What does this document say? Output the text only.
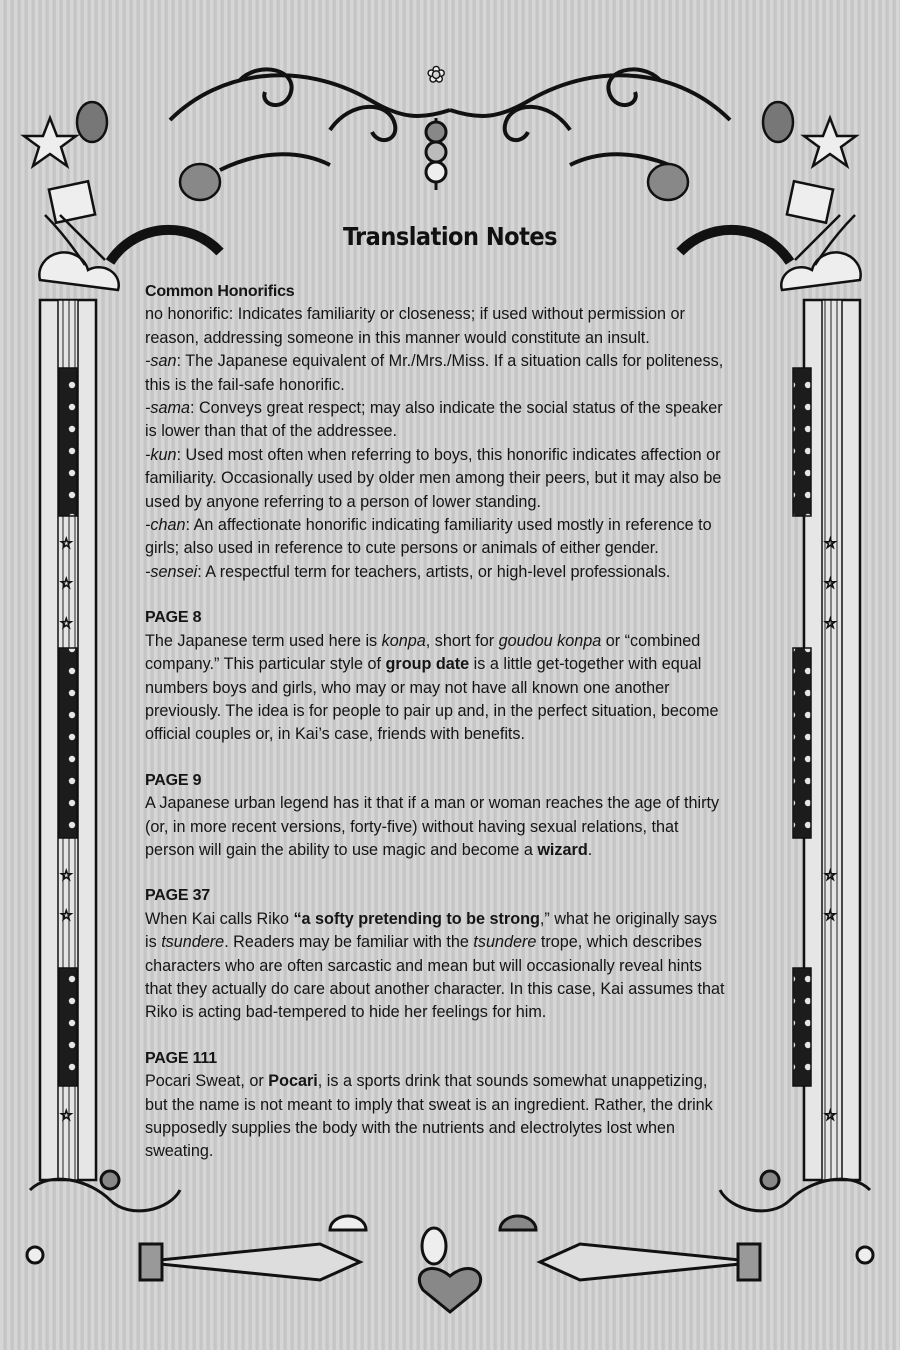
☆
☆
☆
☆
☆
☆
☆
☆
☆
☆
☆
☆
✿
Translation Notes
Common Honorifics

no honorific: Indicates familiarity or closeness; if used without permission or reason, addressing someone in this manner would constitute an insult.

-san: The Japanese equivalent of Mr./Mrs./Miss. If a situation calls for politeness, this is the fail-safe honorific.

-sama: Conveys great respect; may also indicate the social status of the speaker is lower than that of the addressee.

-kun: Used most often when referring to boys, this honorific indicates affection or familiarity. Occasionally used by older men among their peers, but it may also be used by anyone referring to a person of lower standing.

-chan: An affectionate honorific indicating familiarity used mostly in reference to girls; also used in reference to cute persons or animals of either gender.

-sensei: A respectful term for teachers, artists, or high-level professionals.

PAGE 8

The Japanese term used here is konpa, short for goudou konpa or “combined company.” This particular style of group date is a little get-together with equal numbers boys and girls, who may or may not have all known one another previously. The idea is for people to pair up and, in the perfect situation, become official couples or, in Kai’s case, friends with benefits.

PAGE 9

A Japanese urban legend has it that if a man or woman reaches the age of thirty (or, in more recent versions, forty-five) without having sexual relations, that person will gain the ability to use magic and become a wizard.

PAGE 37

When Kai calls Riko “a softy pretending to be strong,” what he originally says is tsundere. Readers may be familiar with the tsundere trope, which describes characters who are often sarcastic and mean but will occasionally reveal hints that they actually do care about another character. In this case, Kai assumes that Riko is acting bad-tempered to hide her feelings for him.

PAGE 111

Pocari Sweat, or Pocari, is a sports drink that sounds somewhat unappetizing, but the name is not meant to imply that sweat is an ingredient. Rather, the drink supposedly supplies the body with the nutrients and electrolytes lost when sweating.
